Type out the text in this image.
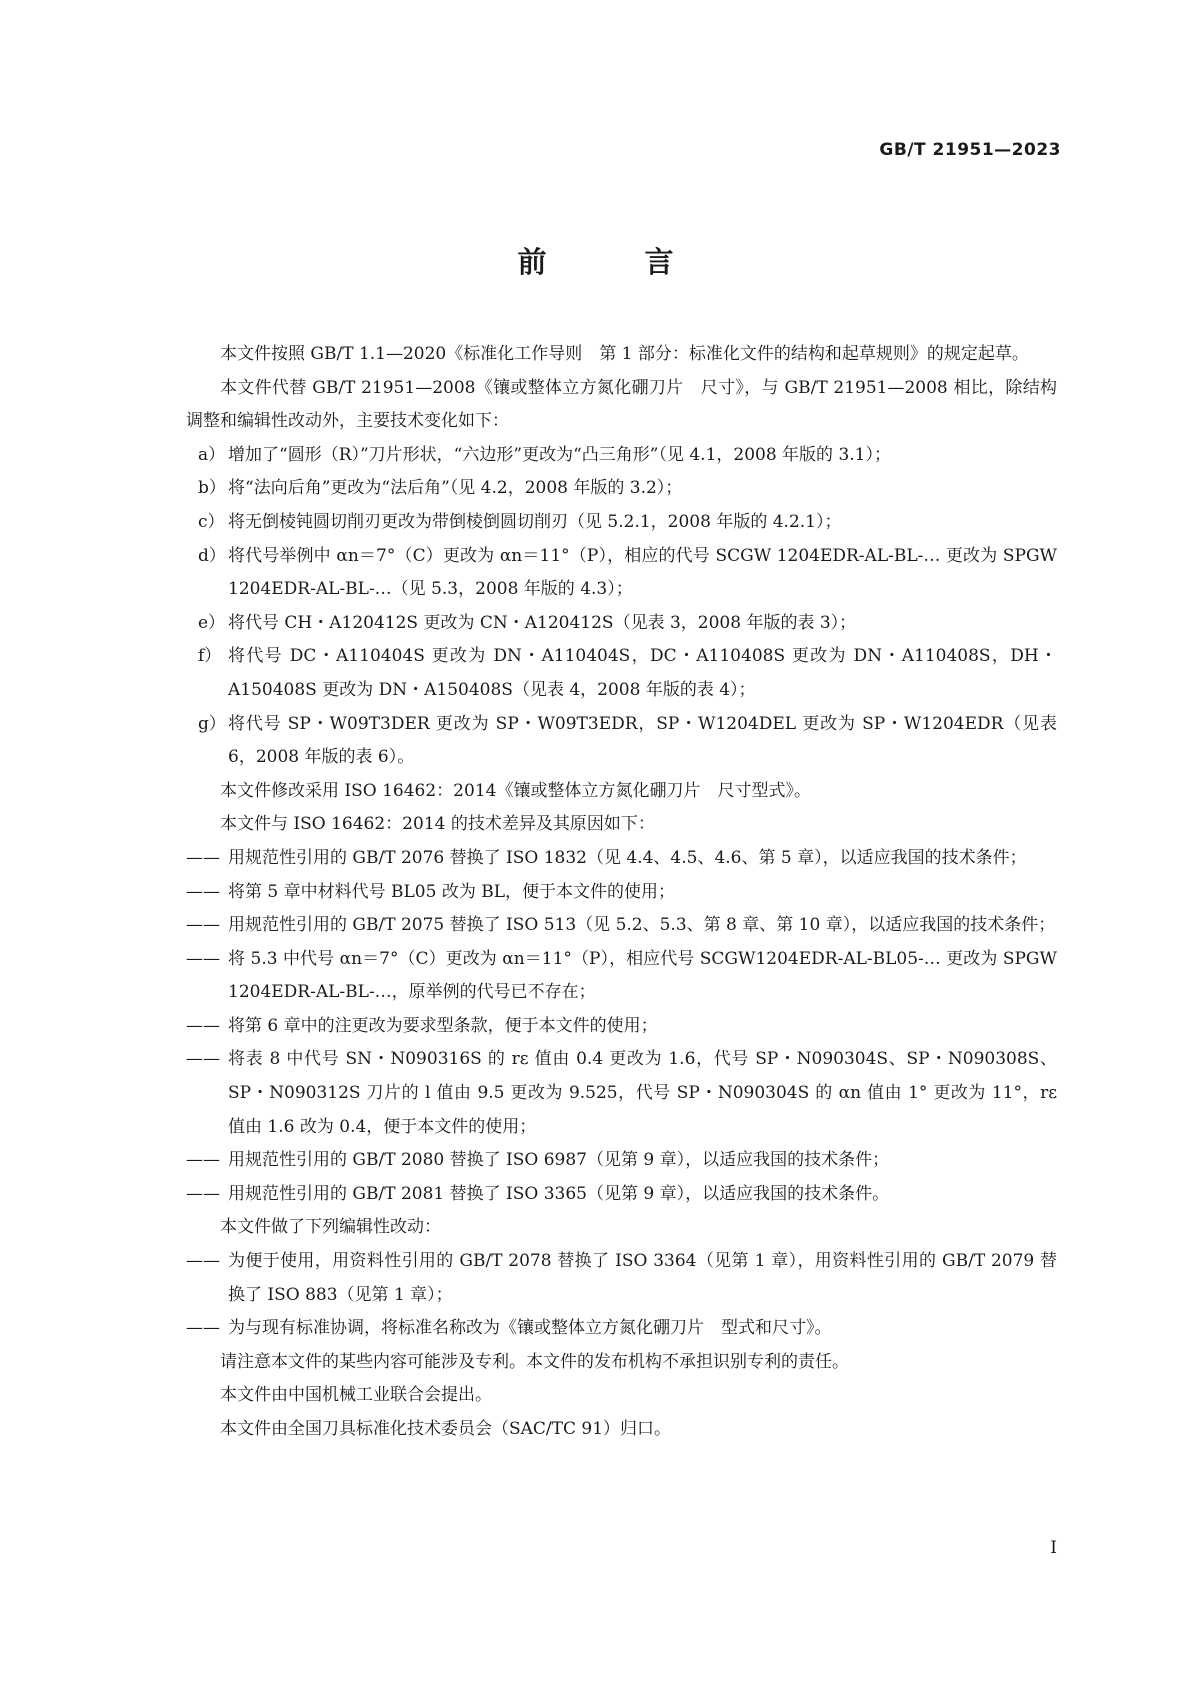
GB/T 21951—2023
前 言
本文件按照 GB/T 1.1—2020《标准化工作导则　第 1 部分：标准化文件的结构和起草规则》的规定起草。
本文件代替 GB/T 21951—2008《镶或整体立方氮化硼刀片　尺寸》，与 GB/T 21951—2008 相比，除结构调整和编辑性改动外，主要技术变化如下：
a） 增加了“圆形（R）”刀片形状，“六边形”更改为“凸三角形”（见 4.1，2008 年版的 3.1）；
b） 将“法向后角”更改为“法后角”（见 4.2，2008 年版的 3.2）；
c） 将无倒棱钝圆切削刃更改为带倒棱倒圆切削刃（见 5.2.1，2008 年版的 4.2.1）；
d） 将代号举例中 αn＝7°（C）更改为 αn＝11°（P），相应的代号 SCGW 1204EDR-AL-BL-… 更改为 SPGW 1204EDR-AL-BL-…（见 5.3，2008 年版的 4.3）；
e） 将代号 CH・A120412S 更改为 CN・A120412S（见表 3，2008 年版的表 3）；
f） 将代号 DC・A110404S 更改为 DN・A110404S，DC・A110408S 更改为 DN・A110408S，DH・A150408S 更改为 DN・A150408S（见表 4，2008 年版的表 4）；
g） 将代号 SP・W09T3DER 更改为 SP・W09T3EDR，SP・W1204DEL 更改为 SP・W1204EDR（见表 6，2008 年版的表 6）。
本文件修改采用 ISO 16462：2014《镶或整体立方氮化硼刀片　尺寸型式》。
本文件与 ISO 16462：2014 的技术差异及其原因如下：
—— 用规范性引用的 GB/T 2076 替换了 ISO 1832（见 4.4、4.5、4.6、第 5 章），以适应我国的技术条件；
—— 将第 5 章中材料代号 BL05 改为 BL，便于本文件的使用；
—— 用规范性引用的 GB/T 2075 替换了 ISO 513（见 5.2、5.3、第 8 章、第 10 章），以适应我国的技术条件；
—— 将 5.3 中代号 αn＝7°（C）更改为 αn＝11°（P），相应代号 SCGW1204EDR-AL-BL05-… 更改为 SPGW 1204EDR-AL-BL-…，原举例的代号已不存在；
—— 将第 6 章中的注更改为要求型条款，便于本文件的使用；
—— 将表 8 中代号 SN・N090316S 的 rε 值由 0.4 更改为 1.6，代号 SP・N090304S、SP・N090308S、SP・N090312S 刀片的 l 值由 9.5 更改为 9.525，代号 SP・N090304S 的 αn 值由 1° 更改为 11°，rε 值由 1.6 改为 0.4，便于本文件的使用；
—— 用规范性引用的 GB/T 2080 替换了 ISO 6987（见第 9 章），以适应我国的技术条件；
—— 用规范性引用的 GB/T 2081 替换了 ISO 3365（见第 9 章），以适应我国的技术条件。
本文件做了下列编辑性改动：
—— 为便于使用，用资料性引用的 GB/T 2078 替换了 ISO 3364（见第 1 章），用资料性引用的 GB/T 2079 替换了 ISO 883（见第 1 章）；
—— 为与现有标准协调，将标准名称改为《镶或整体立方氮化硼刀片　型式和尺寸》。
请注意本文件的某些内容可能涉及专利。本文件的发布机构不承担识别专利的责任。
本文件由中国机械工业联合会提出。
本文件由全国刀具标准化技术委员会（SAC/TC 91）归口。
I
